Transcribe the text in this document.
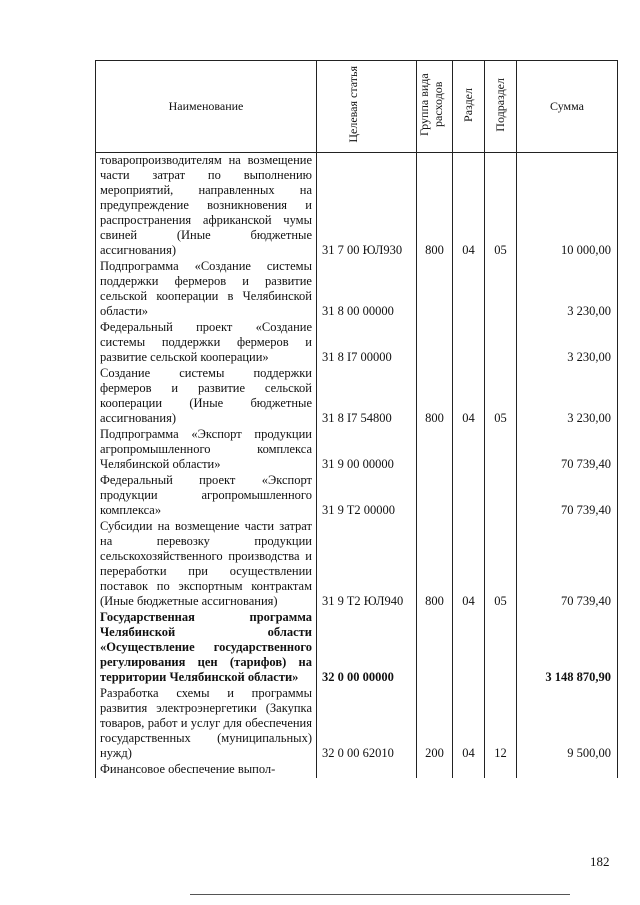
Наименование	Целевая статья	Группа вида расходов	Раздел	Подраздел	Сумма
товаропроизводителям на возмещение части затрат по выполнению мероприятий, направленных на предупреждение возникновения и распространения африканской чумы свиней (Иные бюджетные ассигнования)	31 7 00 ЮЛ930	800	04	05	10 000,00
Подпрограмма «Создание системы поддержки фермеров и развитие сельской кооперации в Челябинской области»	31 8 00 00000				3 230,00
Федеральный проект «Создание системы поддержки фермеров и развитие сельской кооперации»	31 8 I7 00000				3 230,00
Создание системы поддержки фермеров и развитие сельской кооперации (Иные бюджетные ассигнования)	31 8 I7 54800	800	04	05	3 230,00
Подпрограмма «Экспорт продукции агропромышленного комплекса Челябинской области»	31 9 00 00000				70 739,40
Федеральный проект «Экспорт продукции агропромышленного комплекса»	31 9 T2 00000				70 739,40
Субсидии на возмещение части затрат на перевозку продукции сельскохозяйственного производства и переработки при осуществлении поставок по экспортным контрактам (Иные бюджетные ассигнования)	31 9 T2 ЮЛ940	800	04	05	70 739,40
Государственная программа Челябинской области «Осуществление государственного регулирования цен (тарифов) на территории Челябинской области»	32 0 00 00000				3 148 870,90
Разработка схемы и программы развития электроэнергетики (Закупка товаров, работ и услуг для обеспечения государственных (муниципальных) нужд)	32 0 00 62010	200	04	12	9 500,00
Финансовое обеспечение выпол-					
182
